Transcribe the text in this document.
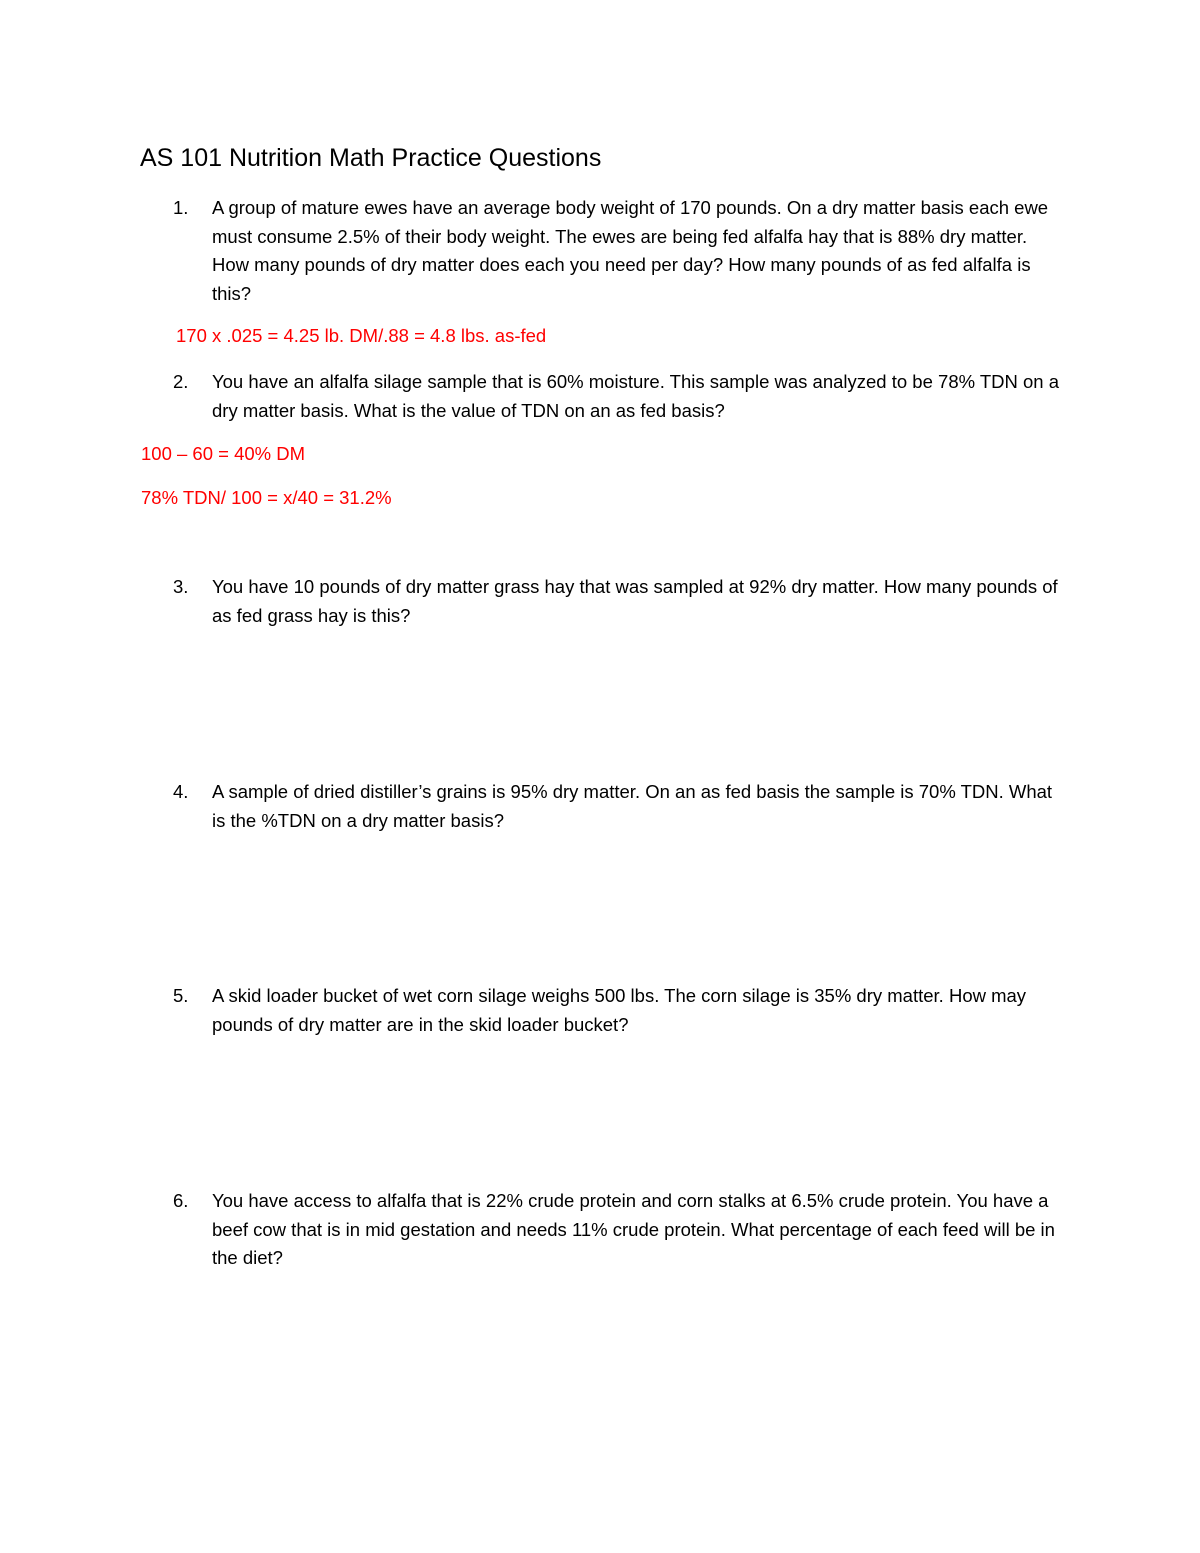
AS 101 Nutrition Math Practice Questions
1.	A group of mature ewes have an average body weight of 170 pounds. On a dry matter basis each ewe must consume 2.5% of their body weight. The ewes are being fed alfalfa hay that is 88% dry matter. How many pounds of dry matter does each you need per day? How many pounds of as fed alfalfa is this?
170 x .025 = 4.25 lb. DM/.88 = 4.8 lbs. as-fed
2.	You have an alfalfa silage sample that is 60% moisture. This sample was analyzed to be 78% TDN on a dry matter basis. What is the value of TDN on an as fed basis?
100 – 60 = 40% DM
78% TDN/ 100 = x/40 = 31.2%
3.	You have 10 pounds of dry matter grass hay that was sampled at 92% dry matter. How many pounds of as fed grass hay is this?
4.	A sample of dried distiller’s grains is 95% dry matter. On an as fed basis the sample is 70% TDN. What is the %TDN on a dry matter basis?
5.	A skid loader bucket of wet corn silage weighs 500 lbs. The corn silage is 35% dry matter. How may pounds of dry matter are in the skid loader bucket?
6.	You have access to alfalfa that is 22% crude protein and corn stalks at 6.5% crude protein. You have a beef cow that is in mid gestation and needs 11% crude protein. What percentage of each feed will be in the diet?
